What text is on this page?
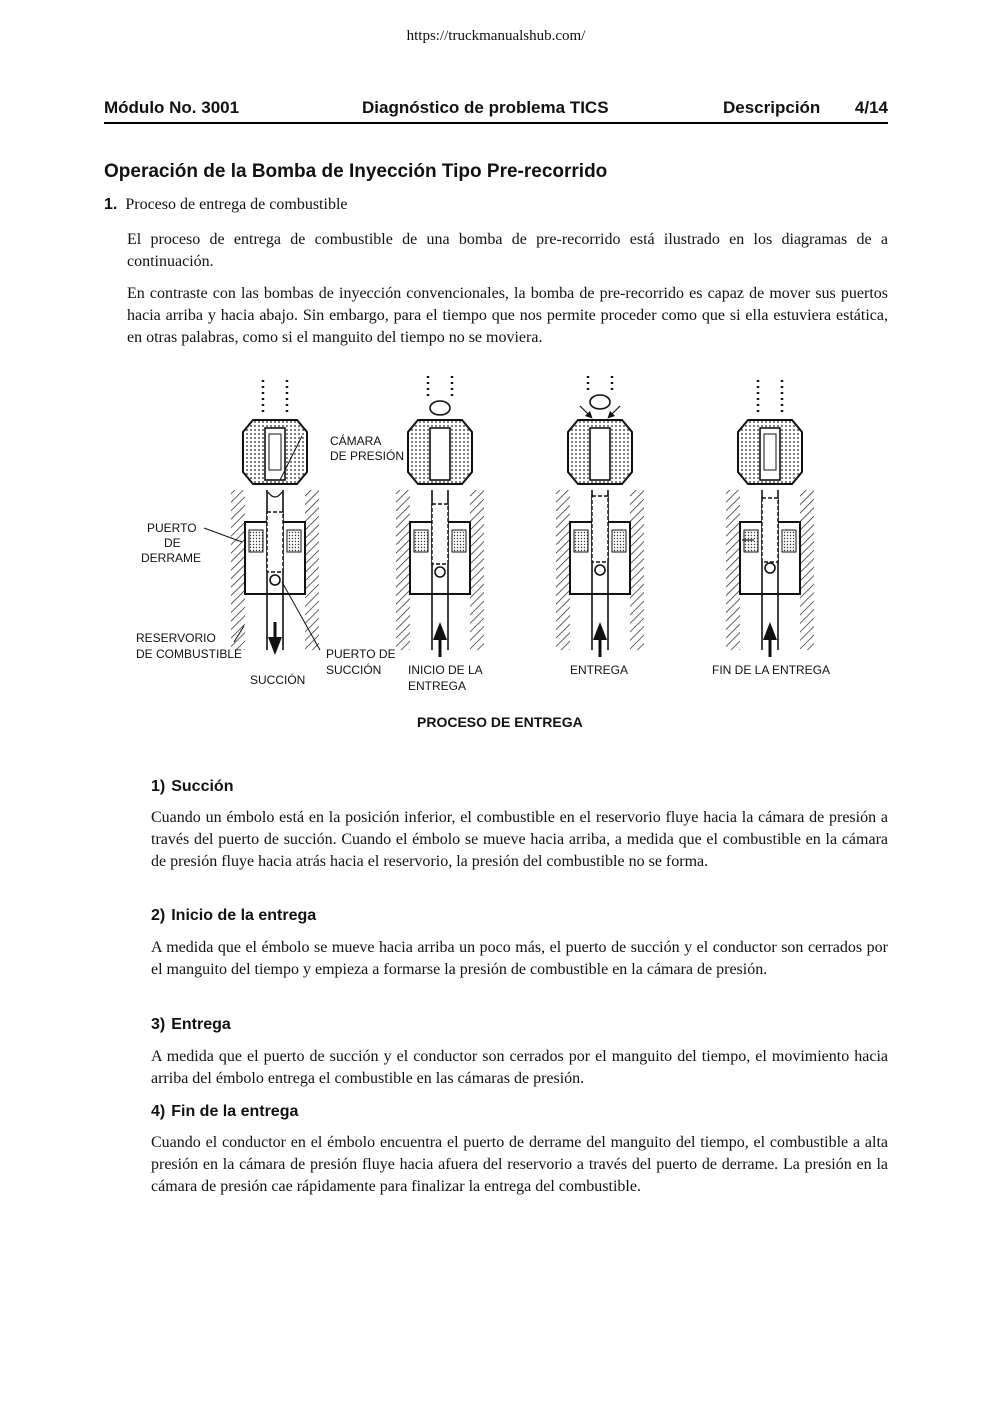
https://truckmanualshub.com/
Módulo No. 3001	Diagnóstico de problema TICS	Descripción 4/14
Operación de la Bomba de Inyección Tipo Pre-recorrido
1. Proceso de entrega de combustible

El proceso de entrega de combustible de una bomba de pre-recorrido está ilustrado en los diagramas de a continuación.

En contraste con las bombas de inyección convencionales, la bomba de pre-recorrido es capaz de mover sus puertos hacia arriba y hacia abajo. Sin embargo, para el tiempo que nos permite proceder como que si ella estuviera estática, en otras palabras, como si el manguito del tiempo no se moviera.

CÁMARA
DE PRESIÓN
PUERTO
DE
DERRAME
RESERVORIO
DE COMBUSTIBLE	PUERTO DE
SUCCIÓN
SUCCIÓN
INICIO DE LA
ENTREGA
ENTREGA	FIN DE LA ENTREGA
PROCESO DE ENTREGA
1) Succión

Cuando un émbolo está en la posición inferior, el combustible en el reservorio fluye hacia la cámara de presión a través del puerto de succión. Cuando el émbolo se mueve hacia arriba, a medida que el combustible en la cámara de presión fluye hacia atrás hacia el reservorio, la presión del combustible no se forma.

2) Inicio de la entrega

A medida que el émbolo se mueve hacia arriba un poco más, el puerto de succión y el conductor son cerrados por el manguito del tiempo y empieza a formarse la presión de combustible en la cámara de presión.

3) Entrega

A medida que el puerto de succión y el conductor son cerrados por el manguito del tiempo, el movimiento hacia arriba del émbolo entrega el combustible en las cámaras de presión.

4) Fin de la entrega

Cuando el conductor en el émbolo encuentra el puerto de derrame del manguito del tiempo, el combustible a alta presión en la cámara de presión fluye hacia afuera del reservorio a través del puerto de derrame. La presión en la cámara de presión cae rápidamente para finalizar la entrega del combustible.
